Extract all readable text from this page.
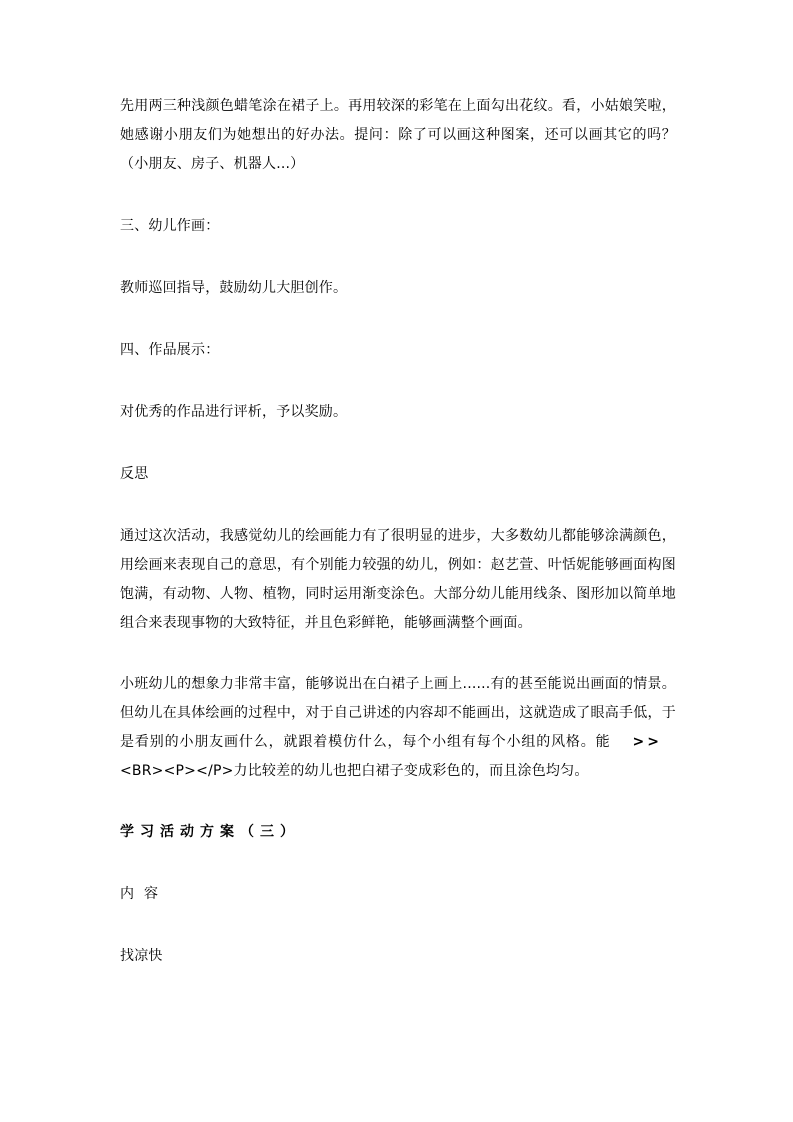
先用两三种浅颜色蜡笔涂在裙子上。再用较深的彩笔在上面勾出花纹。看，小姑娘笑啦，她感谢小朋友们为她想出的好办法。提问：除了可以画这种图案，还可以画其它的吗？（小朋友、房子、机器人...）

三、幼儿作画：

教师巡回指导，鼓励幼儿大胆创作。

四、作品展示：

对优秀的作品进行评析，予以奖励。

反思

通过这次活动，我感觉幼儿的绘画能力有了很明显的进步，大多数幼儿都能够涂满颜色，用绘画来表现自己的意思，有个别能力较强的幼儿，例如：赵艺萱、叶恬妮能够画面构图饱满，有动物、人物、植物，同时运用渐变涂色。大部分幼儿能用线条、图形加以简单地组合来表现事物的大致特征，并且色彩鲜艳，能够画满整个画面。

小班幼儿的想象力非常丰富，能够说出在白裙子上画上......有的甚至能说出画面的情景。但幼儿在具体绘画的过程中，对于自己讲述的内容却不能画出，这就造成了眼高手低，于是看别的小朋友画什么，就跟着模仿什么，每个小组有每个小组的风格。能 >><BR><P></P>力比较差的幼儿也把白裙子变成彩色的，而且涂色均匀。

学习活动方案（三）

内容

找凉快
